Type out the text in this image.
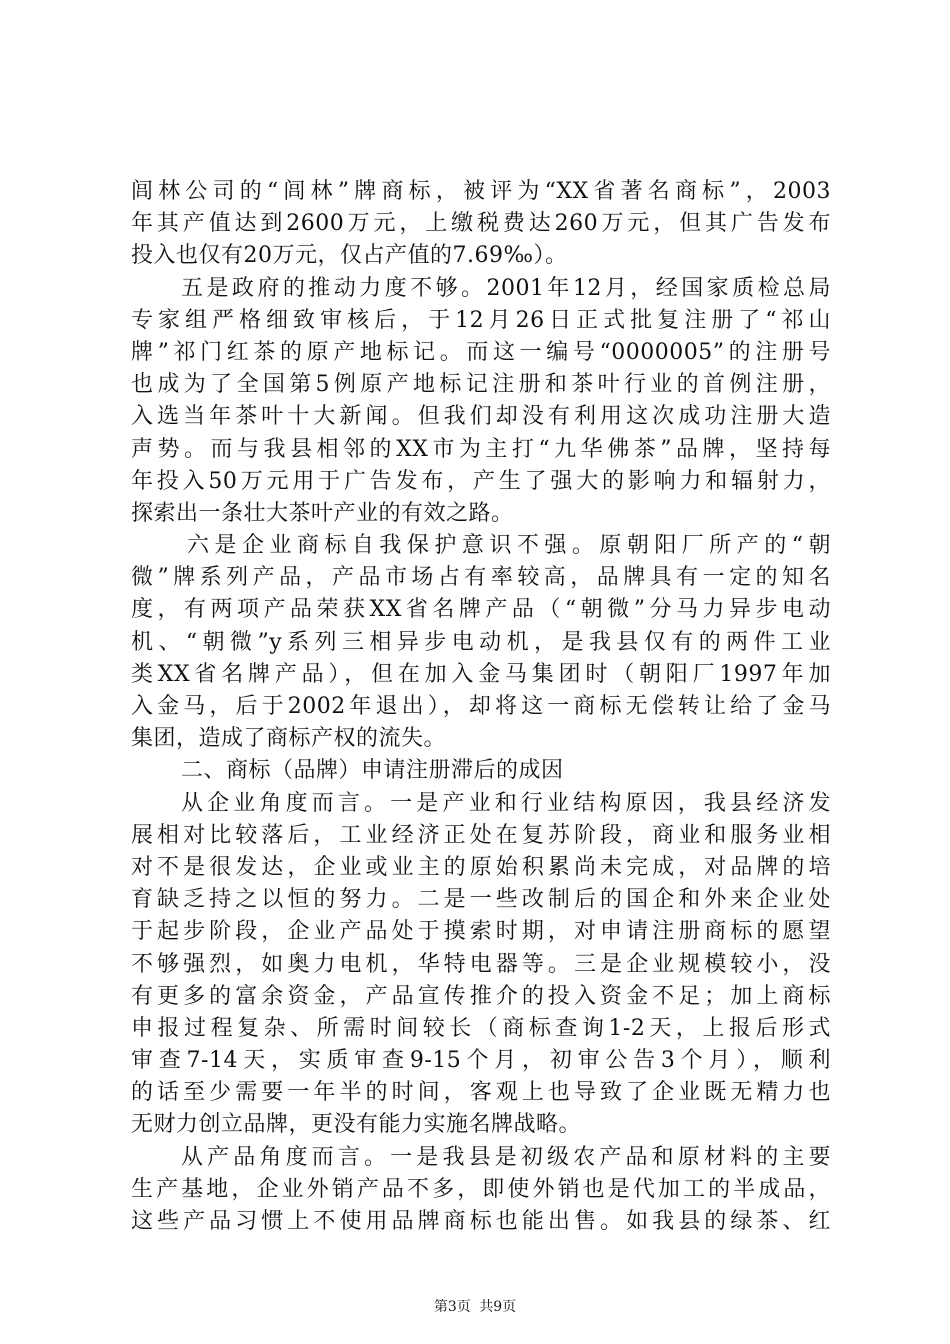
闾林公司的“闾林”牌商标，被评为“XX省著名商标”，2003
年其产值达到2600万元，上缴税费达260万元，但其广告发布
投入也仅有20万元，仅占产值的7.69‰）。
五是政府的推动力度不够。2001年12月，经国家质检总局
专家组严格细致审核后，于12月26日正式批复注册了“祁山
牌”祁门红茶的原产地标记。而这一编号“0000005”的注册号
也成为了全国第5例原产地标记注册和茶叶行业的首例注册，
入选当年茶叶十大新闻。但我们却没有利用这次成功注册大造
声势。而与我县相邻的XX市为主打“九华佛茶”品牌，坚持每
年投入50万元用于广告发布，产生了强大的影响力和辐射力，
探索出一条壮大茶叶产业的有效之路。
六是企业商标自我保护意识不强。原朝阳厂所产的“朝
微”牌系列产品，产品市场占有率较高，品牌具有一定的知名
度，有两项产品荣获XX省名牌产品（“朝微”分马力异步电动
机、“朝微”y系列三相异步电动机，是我县仅有的两件工业
类XX省名牌产品），但在加入金马集团时（朝阳厂1997年加
入金马，后于2002年退出），却将这一商标无偿转让给了金马
集团，造成了商标产权的流失。
二、商标（品牌）申请注册滞后的成因
从企业角度而言。一是产业和行业结构原因，我县经济发
展相对比较落后，工业经济正处在复苏阶段，商业和服务业相
对不是很发达，企业或业主的原始积累尚未完成，对品牌的培
育缺乏持之以恒的努力。二是一些改制后的国企和外来企业处
于起步阶段，企业产品处于摸索时期，对申请注册商标的愿望
不够强烈，如奥力电机，华特电器等。三是企业规模较小，没
有更多的富余资金，产品宣传推介的投入资金不足；加上商标
申报过程复杂、所需时间较长（商标查询1-2天，上报后形式
审查7-14天，实质审查9-15个月，初审公告3个月），顺利
的话至少需要一年半的时间，客观上也导致了企业既无精力也
无财力创立品牌，更没有能力实施名牌战略。
从产品角度而言。一是我县是初级农产品和原材料的主要
生产基地，企业外销产品不多，即使外销也是代加工的半成品，
这些产品习惯上不使用品牌商标也能出售。如我县的绿茶、红
第3页 共9页
